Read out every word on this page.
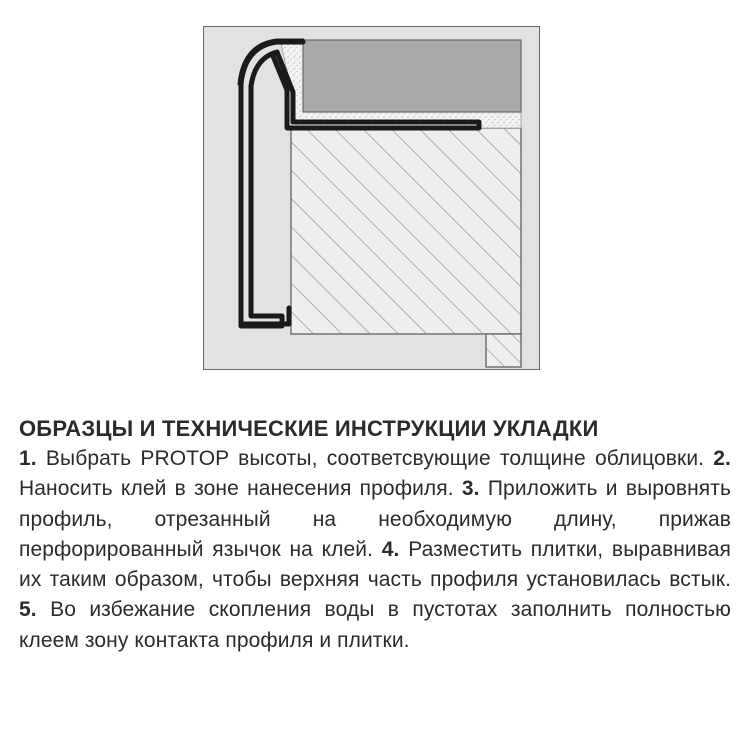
ОБРАЗЦЫ И ТЕХНИЧЕСКИЕ ИНСТРУКЦИИ УКЛАДКИ
1. Выбрать PROTOP высоты, соответсвующие толщине облицовки. 2. Наносить клей в зоне нанесения профиля. 3. Приложить и выровнять профиль, отрезанный на необходимую длину, прижав перфорированный язычок на клей. 4. Разместить плитки, выравнивая их таким образом, чтобы верхняя часть профиля установилась встык. 5. Во избежание скопления воды в пустотах заполнить полностью клеем зону контакта профиля и плитки.
